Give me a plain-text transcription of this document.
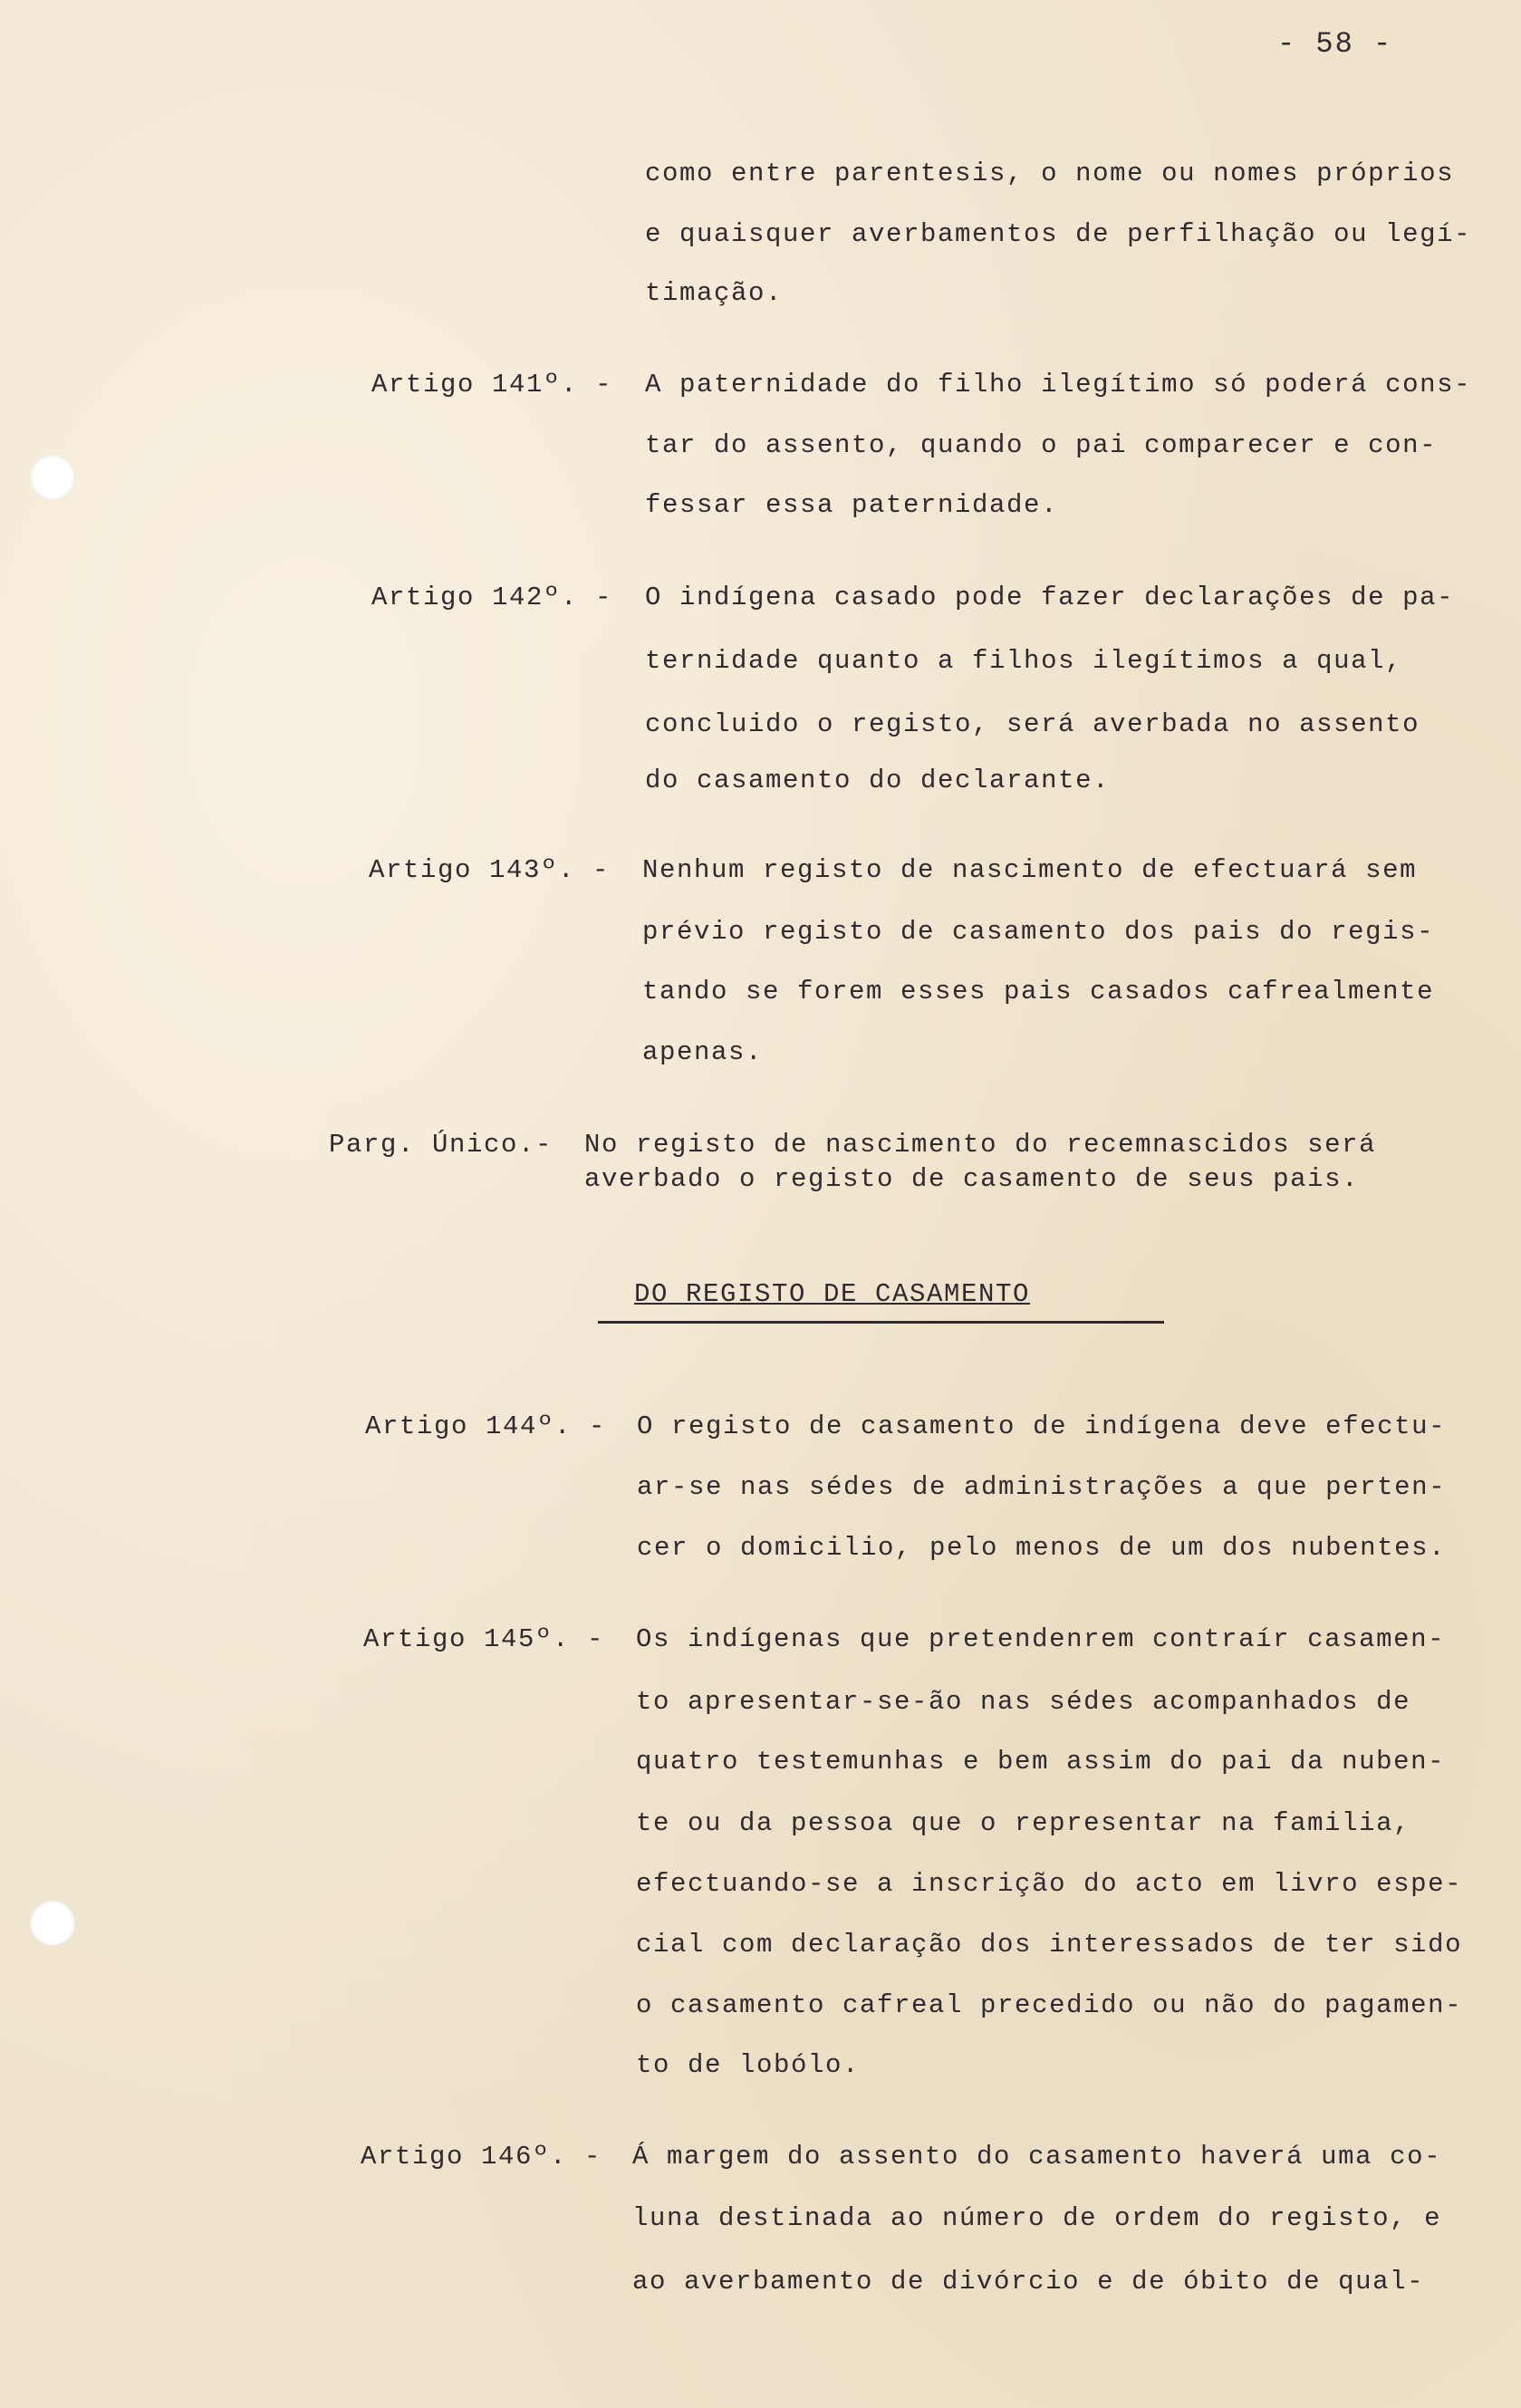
- 58 -
como entre parentesis, o nome ou nomes próprios
e quaisquer averbamentos de perfilhação ou legí-
timação.
Artigo 141º. - A paternidade do filho ilegítimo só poderá cons-
tar do assento, quando o pai comparecer e con-
fessar essa paternidade.
Artigo 142º. - O indígena casado pode fazer declarações de pa-
ternidade quanto a filhos ilegítimos a qual,
concluido o registo, será averbada no assento
do casamento do declarante.
Artigo 143º. - Nenhum registo de nascimento de efectuará sem
prévio registo de casamento dos pais do regis-
tando se forem esses pais casados cafrealmente
apenas.
Parg. Único.- No registo de nascimento do recemnascidos será
averbado o registo de casamento de seus pais.
DO REGISTO DE CASAMENTO
Artigo 144º. - O registo de casamento de indígena deve efectu-
ar-se nas sédes de administrações a que perten-
cer o domicilio, pelo menos de um dos nubentes.
Artigo 145º. - Os indígenas que pretendenrem contraír casamen-
to apresentar-se-ão nas sédes acompanhados de
quatro testemunhas e bem assim do pai da nuben-
te ou da pessoa que o representar na familia,
efectuando-se a inscrição do acto em livro espe-
cial com declaração dos interessados de ter sido
o casamento cafreal precedido ou não do pagamen-
to de lobólo.
Artigo 146º. - Á margem do assento do casamento haverá uma co-
luna destinada ao número de ordem do registo, e
ao averbamento de divórcio e de óbito de qual-
